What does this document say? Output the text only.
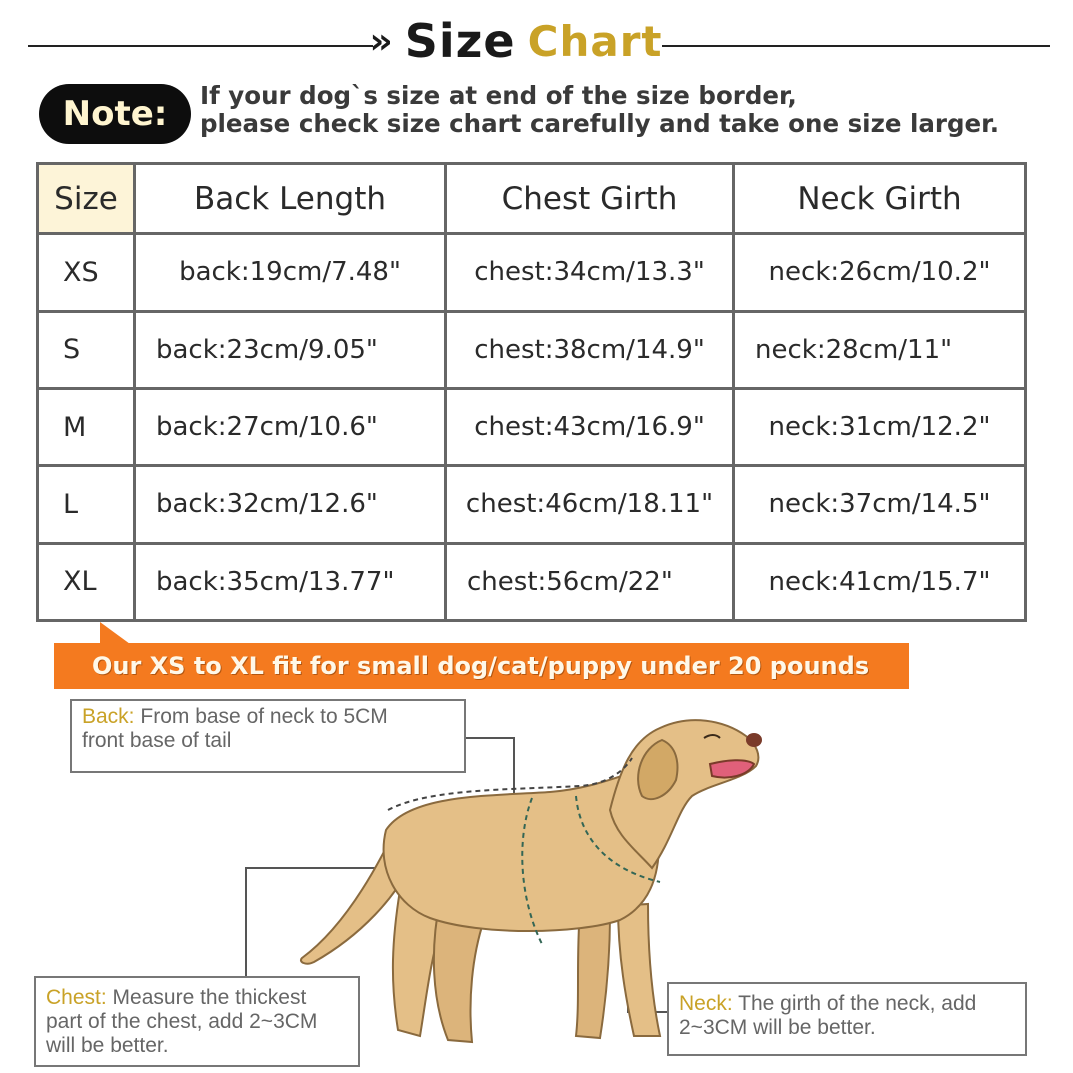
» Size Chart
Note:	If your dog`s size at end of the size border,
please check size chart carefully and take one size larger.
Size	Back Length	Chest Girth	Neck Girth
XS	back:19cm/7.48"	chest:34cm/13.3"	neck:26cm/10.2"
S	back:23cm/9.05"	chest:38cm/14.9"	neck:28cm/11"
M	back:27cm/10.6"	chest:43cm/16.9"	neck:31cm/12.2"
L	back:32cm/12.6"	chest:46cm/18.11"	neck:37cm/14.5"
XL	back:35cm/13.77"	chest:56cm/22"	neck:41cm/15.7"
Our XS to XL fit for small dog/cat/puppy under 20 pounds
Back: From base of neck to 5CM
front base of tail
Chest: Measure the thickest
part of the chest, add 2~3CM
will be better.
Neck: The girth of the neck, add
2~3CM will be better.
